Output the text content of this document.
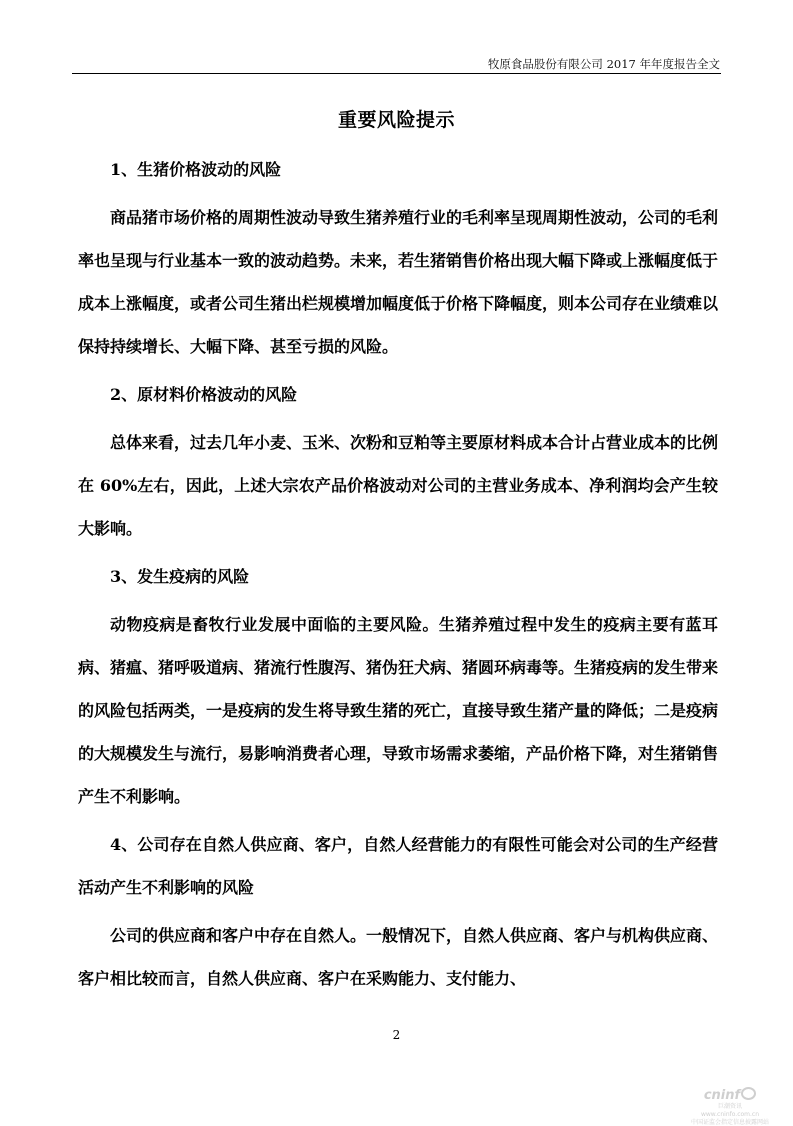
牧原食品股份有限公司 2017 年年度报告全文
重要风险提示

1、生猪价格波动的风险

商品猪市场价格的周期性波动导致生猪养殖行业的毛利率呈现周期性波动，公司的毛利率也呈现与行业基本一致的波动趋势。未来，若生猪销售价格出现大幅下降或上涨幅度低于成本上涨幅度，或者公司生猪出栏规模增加幅度低于价格下降幅度，则本公司存在业绩难以保持持续增长、大幅下降、甚至亏损的风险。

2、原材料价格波动的风险

总体来看，过去几年小麦、玉米、次粉和豆粕等主要原材料成本合计占营业成本的比例在 60%左右，因此，上述大宗农产品价格波动对公司的主营业务成本、净利润均会产生较大影响。

3、发生疫病的风险

动物疫病是畜牧行业发展中面临的主要风险。生猪养殖过程中发生的疫病主要有蓝耳病、猪瘟、猪呼吸道病、猪流行性腹泻、猪伪狂犬病、猪圆环病毒等。生猪疫病的发生带来的风险包括两类，一是疫病的发生将导致生猪的死亡，直接导致生猪产量的降低；二是疫病的大规模发生与流行，易影响消费者心理，导致市场需求萎缩，产品价格下降，对生猪销售产生不利影响。

4、公司存在自然人供应商、客户，自然人经营能力的有限性可能会对公司的生产经营活动产生不利影响的风险

公司的供应商和客户中存在自然人。一般情况下，自然人供应商、客户与机构供应商、客户相比较而言，自然人供应商、客户在采购能力、支付能力、

2
cninf
巨潮资讯
www.cninfo.com.cn
中国证监会指定信息披露网站
